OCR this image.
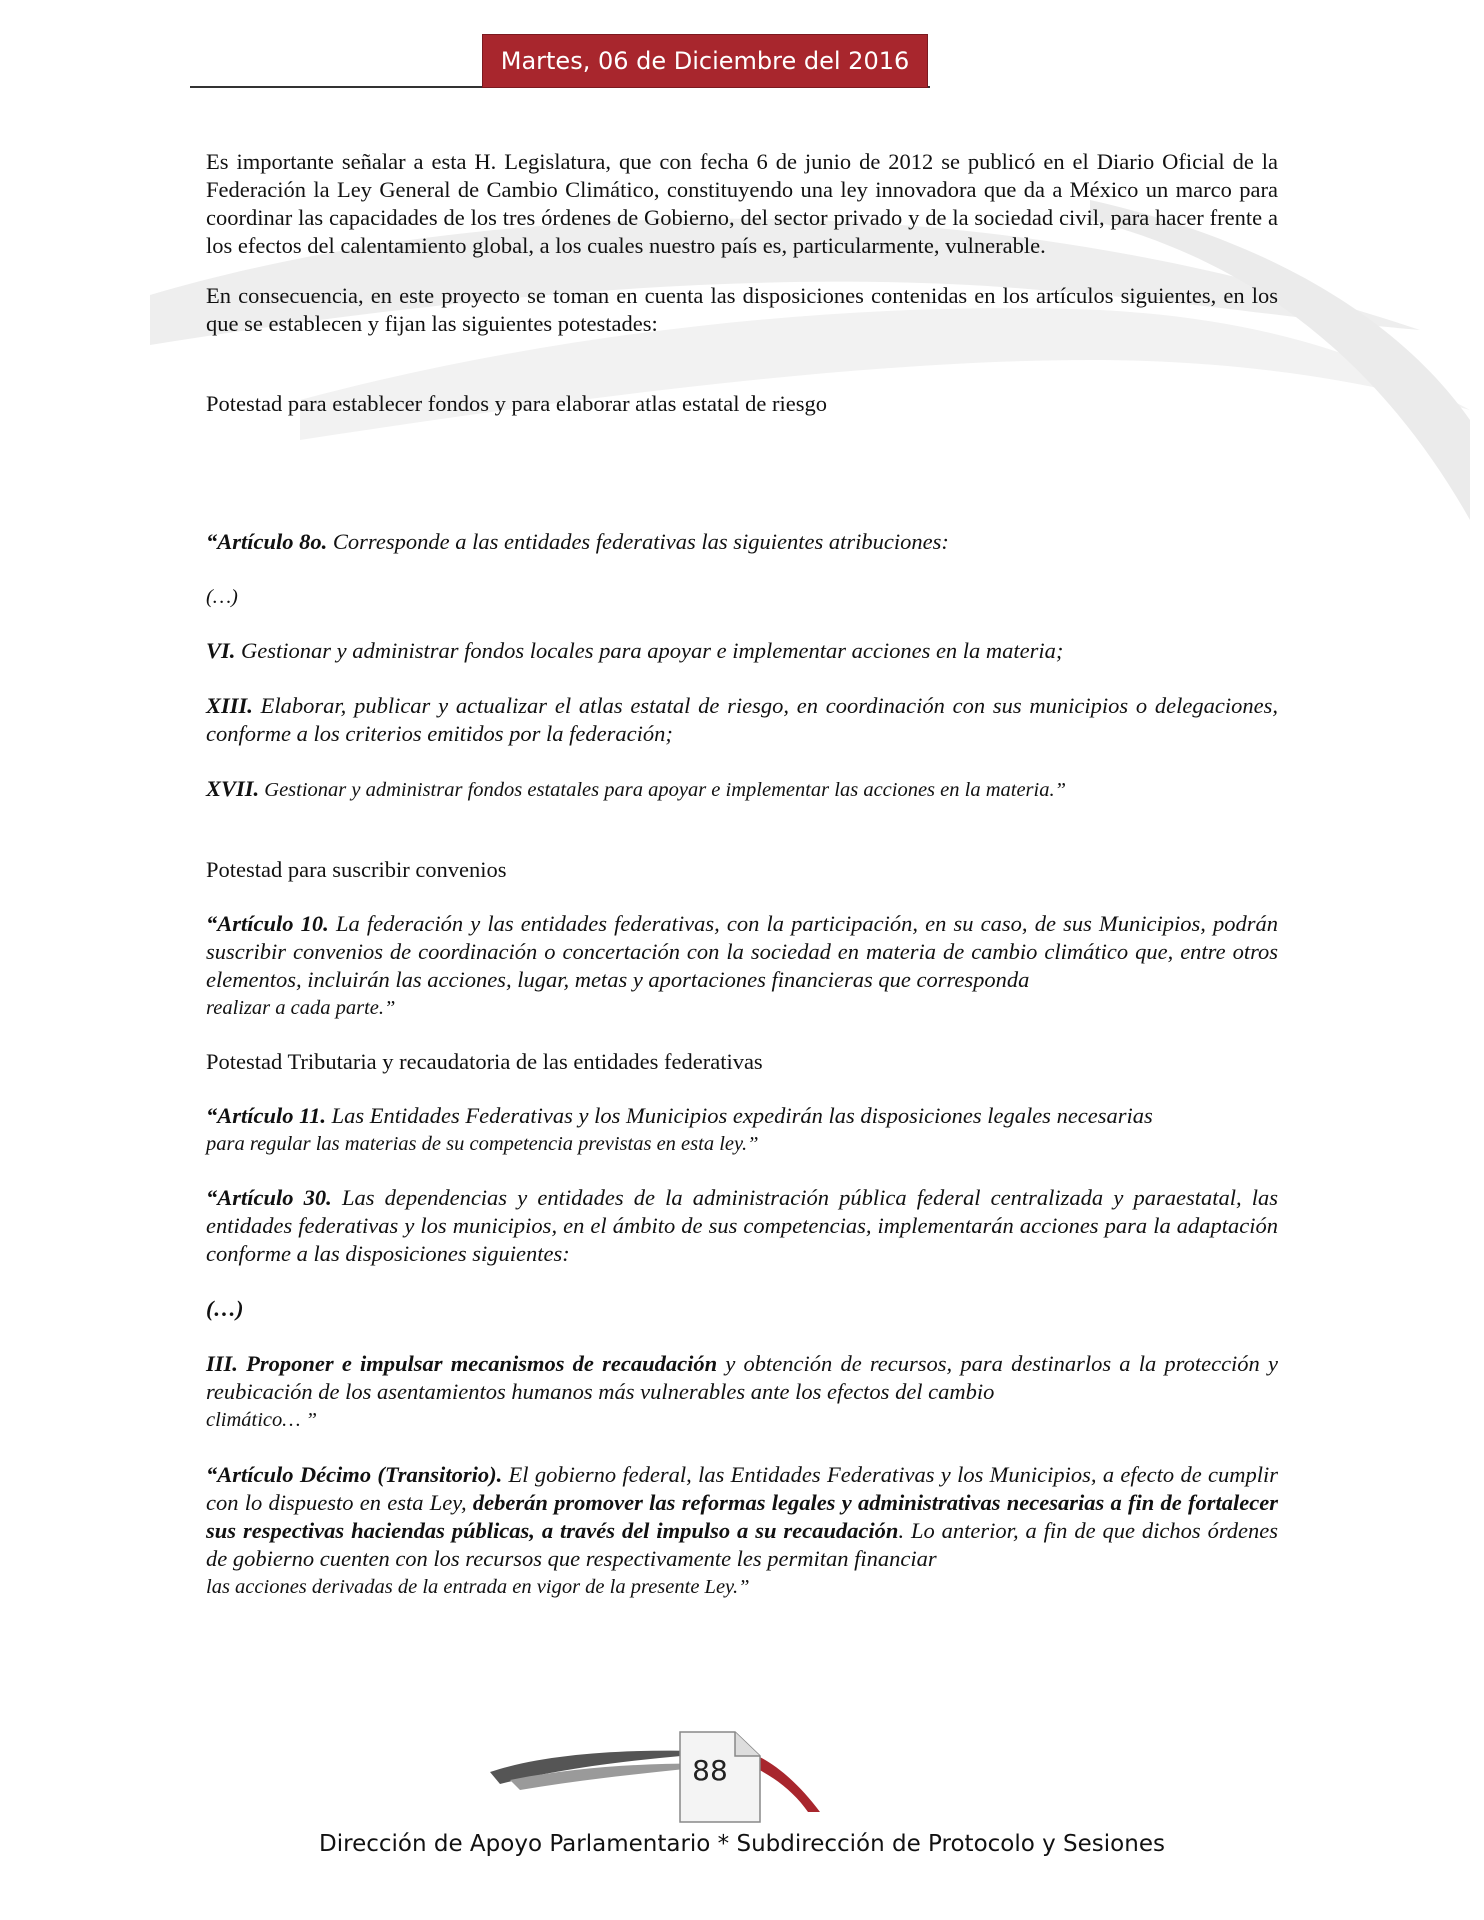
Martes, 06 de Diciembre del 2016

Es importante señalar a esta H. Legislatura, que con fecha 6 de junio de 2012 se publicó en el Diario Oficial de la Federación la Ley General de Cambio Climático, constituyendo una ley innovadora que da a México un marco para coordinar las capacidades de los tres órdenes de Gobierno, del sector privado y de la sociedad civil, para hacer frente a los efectos del calentamiento global, a los cuales nuestro país es, particularmente, vulnerable.

En consecuencia, en este proyecto se toman en cuenta las disposiciones contenidas en los artículos siguientes, en los que se establecen y fijan las siguientes potestades:

Potestad para establecer fondos y para elaborar atlas estatal de riesgo

“Artículo 8o. Corresponde a las entidades federativas las siguientes atribuciones:

(…)

VI. Gestionar y administrar fondos locales para apoyar e implementar acciones en la materia;

XIII. Elaborar, publicar y actualizar el atlas estatal de riesgo, en coordinación con sus municipios o delegaciones, conforme a los criterios emitidos por la federación;

XVII. Gestionar y administrar fondos estatales para apoyar e implementar las acciones en la materia.”

Potestad para suscribir convenios

“Artículo 10. La federación y las entidades federativas, con la participación, en su caso, de sus Municipios, podrán suscribir convenios de coordinación o concertación con la sociedad en materia de cambio climático que, entre otros elementos, incluirán las acciones, lugar, metas y aportaciones financieras que corresponda

realizar a cada parte.”

Potestad Tributaria y recaudatoria de las entidades federativas

“Artículo 11. Las Entidades Federativas y los Municipios expedirán las disposiciones legales necesarias

para regular las materias de su competencia previstas en esta ley.”

“Artículo 30. Las dependencias y entidades de la administración pública federal centralizada y paraestatal, las entidades federativas y los municipios, en el ámbito de sus competencias, implementarán acciones para la adaptación conforme a las disposiciones siguientes:

(…)

III. Proponer e impulsar mecanismos de recaudación y obtención de recursos, para destinarlos a la protección y reubicación de los asentamientos humanos más vulnerables ante los efectos del cambio

climático… ”

“Artículo Décimo (Transitorio). El gobierno federal, las Entidades Federativas y los Municipios, a efecto de cumplir con lo dispuesto en esta Ley, deberán promover las reformas legales y administrativas necesarias a fin de fortalecer sus respectivas haciendas públicas, a través del impulso a su recaudación. Lo anterior, a fin de que dichos órdenes de gobierno cuenten con los recursos que respectivamente les permitan financiar

las acciones derivadas de la entrada en vigor de la presente Ley.”

88
Dirección de Apoyo Parlamentario * Subdirección de Protocolo y Sesiones
